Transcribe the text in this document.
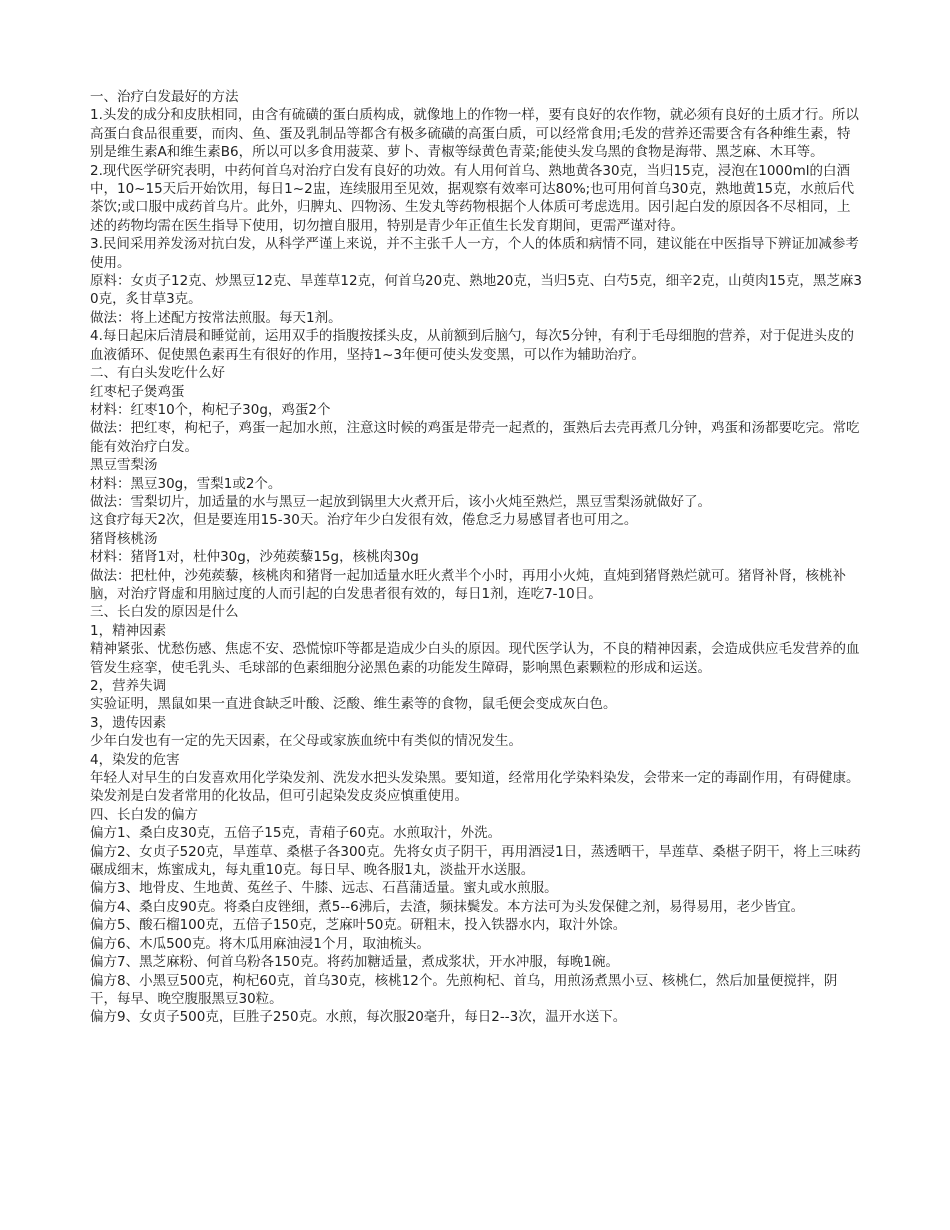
一、治疗白发最好的方法

1.头发的成分和皮肤相同，由含有硫磺的蛋白质构成，就像地上的作物一样，要有良好的农作物，就必须有良好的土质才行。所以高蛋白食品很重要，而肉、鱼、蛋及乳制品等都含有极多硫磺的高蛋白质，可以经常食用;毛发的营养还需要含有各种维生素，特别是维生素A和维生素B6，所以可以多食用菠菜、萝卜、青椒等绿黄色青菜;能使头发乌黑的食物是海带、黑芝麻、木耳等。

2.现代医学研究表明，中药何首乌对治疗白发有良好的功效。有人用何首乌、熟地黄各30克，当归15克，浸泡在1000ml的白酒中，10~15天后开始饮用，每日1~2盅，连续服用至见效，据观察有效率可达80%;也可用何首乌30克，熟地黄15克，水煎后代茶饮;或口服中成药首乌片。此外，归脾丸、四物汤、生发丸等药物根据个人体质可考虑选用。因引起白发的原因各不尽相同，上述的药物均需在医生指导下使用，切勿擅自服用，特别是青少年正值生长发育期间，更需严谨对待。

3.民间采用养发汤对抗白发，从科学严谨上来说，并不主张千人一方，个人的体质和病情不同，建议能在中医指导下辨证加减参考使用。

原料：女贞子12克、炒黑豆12克、旱莲草12克，何首乌20克、熟地20克，当归5克、白芍5克，细辛2克，山萸肉15克，黑芝麻30克，炙甘草3克。

做法：将上述配方按常法煎服。每天1剂。

4.每日起床后清晨和睡觉前，运用双手的指腹按揉头皮，从前额到后脑勺，每次5分钟，有利于毛母细胞的营养，对于促进头皮的血液循环、促使黑色素再生有很好的作用，坚持1~3年便可使头发变黑，可以作为辅助治疗。

二、有白头发吃什么好

红枣杞子煲鸡蛋

材料：红枣10个，枸杞子30g，鸡蛋2个

做法：把红枣，枸杞子，鸡蛋一起加水煎，注意这时候的鸡蛋是带壳一起煮的，蛋熟后去壳再煮几分钟，鸡蛋和汤都要吃完。常吃能有效治疗白发。

黑豆雪梨汤

材料：黑豆30g，雪梨1或2个。

做法：雪梨切片，加适量的水与黑豆一起放到锅里大火煮开后，该小火炖至熟烂，黑豆雪梨汤就做好了。

这食疗每天2次，但是要连用15-30天。治疗年少白发很有效，倦怠乏力易感冒者也可用之。

猪肾核桃汤

材料：猪肾1对，杜仲30g，沙苑蒺藜15g，核桃肉30g

做法：把杜仲，沙苑蒺藜，核桃肉和猪肾一起加适量水旺火煮半个小时，再用小火炖，直炖到猪肾熟烂就可。猪肾补肾，核桃补脑，对治疗肾虚和用脑过度的人而引起的白发患者很有效的，每日1剂，连吃7-10日。

三、长白发的原因是什么

1，精神因素

精神紧张、忧愁伤感、焦虑不安、恐慌惊吓等都是造成少白头的原因。现代医学认为，不良的精神因素，会造成供应毛发营养的血管发生痉挛，使毛乳头、毛球部的色素细胞分泌黑色素的功能发生障碍，影响黑色素颗粒的形成和运送。

2，营养失调

实验证明，黑鼠如果一直进食缺乏叶酸、泛酸、维生素等的食物，鼠毛便会变成灰白色。

3，遗传因素

少年白发也有一定的先天因素，在父母或家族血统中有类似的情况发生。

4，染发的危害

年轻人对早生的白发喜欢用化学染发剂、洗发水把头发染黑。要知道，经常用化学染料染发，会带来一定的毒副作用，有碍健康。染发剂是白发者常用的化妆品，但可引起染发皮炎应慎重使用。

四、长白发的偏方

偏方1、桑白皮30克，五倍子15克，青葙子60克。水煎取汁，外洗。

偏方2、女贞子520克，旱莲草、桑椹子各300克。先将女贞子阴干，再用酒浸1日，蒸透晒干，旱莲草、桑椹子阴干，将上三味药碾成细末，炼蜜成丸，每丸重10克。每日早、晚各服1丸，淡盐开水送服。

偏方3、地骨皮、生地黄、菟丝子、牛膝、远志、石菖蒲适量。蜜丸或水煎服。

偏方4、桑白皮90克。将桑白皮锉细，煮5--6沸后，去渣，频抹鬓发。本方法可为头发保健之剂，易得易用，老少皆宜。

偏方5、酸石榴100克，五倍子150克，芝麻叶50克。研粗末，投入铁器水内，取汁外馀。

偏方6、木瓜500克。将木瓜用麻油浸1个月，取油梳头。

偏方7、黑芝麻粉、何首乌粉各150克。将药加糖适量，煮成浆状，开水冲服，每晚1碗。

偏方8、小黑豆500克，枸杞60克，首乌30克，核桃12个。先煎枸杞、首乌，用煎汤煮黑小豆、核桃仁，然后加量便搅拌，阴干，每早、晚空腹服黑豆30粒。

偏方9、女贞子500克，巨胜子250克。水煎，每次服20毫升，每日2--3次，温开水送下。
